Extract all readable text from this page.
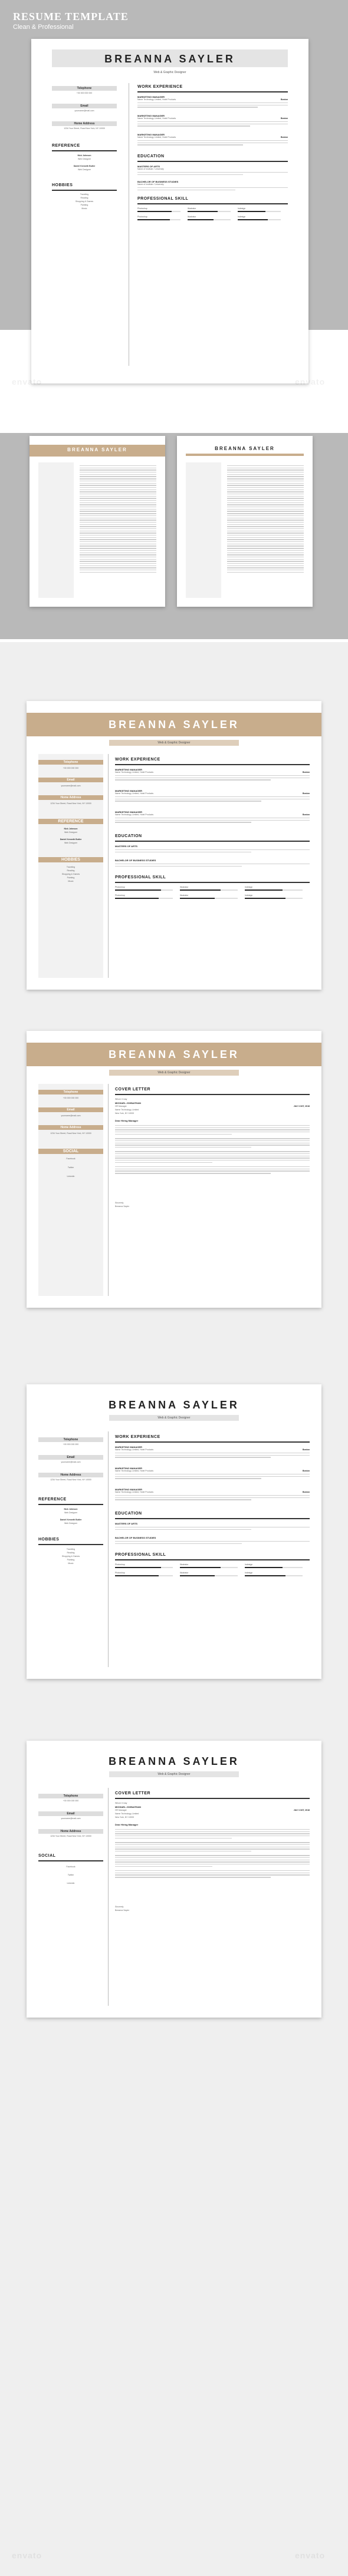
RESUME TEMPLATE
Clean & Professional
BREANNA SAYLER
Web & Graphic Designer
Telephone
+00 000 000 000
Email
yourname@mail.com
Home Address
1234 Your Street, Road New York, NY 10000
REFERENCE
Nick Johnson
Web Designer
Daniel Kenneth Butler
Web Designer
HOBBIES
Traveling
Reading
Shopping & Games
Painting
Music
WORK EXPERIENCE
MARKETING MANAGER
Name Technology Limited, Hotel Products	Boston
MARKETING MANAGER
Name Technology Limited, Hotel Products	Boston
MARKETING MANAGER
Name Technology Limited, Hotel Products	Boston
EDUCATION
MASTERS OF ARTS
Name of Institute / University
BACHELOR OF BUSINESS STUDIES
Name of Institute / University
PROFESSIONAL SKILL
Photoshop	Illustrator	Indesign
Photoshop	Illustrator	Indesign
envato	envato
BREANNA SAYLER	BREANNA SAYLER
BREANNA SAYLER
Web & Graphic Designer
Telephone
+00 000 000 000
Email
yourname@mail.com
Home Address
1234 Your Street, Road New York, NY 10000
REFERENCE
Nick Johnson
Web Designer
Daniel Kenneth Butler
Web Designer
HOBBIES
Traveling
Reading
Shopping & Games
Painting
Music
WORK EXPERIENCE
MARKETING MANAGER
Name Technology Limited, Hotel Products	Boston
MARKETING MANAGER
Name Technology Limited, Hotel Products	Boston
MARKETING MANAGER
Name Technology Limited, Hotel Products	Boston
EDUCATION
MASTERS OF ARTS
BACHELOR OF BUSINESS STUDIES
PROFESSIONAL SKILL
Photoshop	Illustrator	Indesign
Photoshop	Illustrator	Indesign
BREANNA SAYLER
Web & Graphic Designer
Telephone
+00 000 000 000
Email
yourname@mail.com
Home Address
1234 Your Street, Road New York, NY 10000
SOCIAL
Facebook
Twitter
Linkedin
COVER LETTER
Whom it may
MICHAEL JOHNATHAN
HR Manager
Name Technology Limited
New York, NY 10000
JULY 21ST, 2018
Dear Hiring Manager
Sincerely
Breanna Sayler
BREANNA SAYLER
Web & Graphic Designer
Telephone
+00 000 000 000
Email
yourname@mail.com
Home Address
1234 Your Street, Road New York, NY 10000
REFERENCE
Nick Johnson
Web Designer
Daniel Kenneth Butler
Web Designer
HOBBIES
Traveling
Reading
Shopping & Games
Painting
Music
WORK EXPERIENCE
MARKETING MANAGER
Name Technology Limited, Hotel Products	Boston
MARKETING MANAGER
Name Technology Limited, Hotel Products	Boston
MARKETING MANAGER
Name Technology Limited, Hotel Products	Boston
EDUCATION
MASTERS OF ARTS
BACHELOR OF BUSINESS STUDIES
PROFESSIONAL SKILL
Photoshop	Illustrator	Indesign
Photoshop	Illustrator	Indesign
BREANNA SAYLER
Web & Graphic Designer
Telephone
+00 000 000 000
Email
yourname@mail.com
Home Address
1234 Your Street, Road New York, NY 10000
SOCIAL
Facebook
Twitter
Linkedin
COVER LETTER
Whom it may
MICHAEL JOHNATHAN
HR Manager
Name Technology Limited
New York, NY 10000
JULY 21ST, 2018
Dear Hiring Manager
Sincerely
Breanna Sayler
envato	envato
